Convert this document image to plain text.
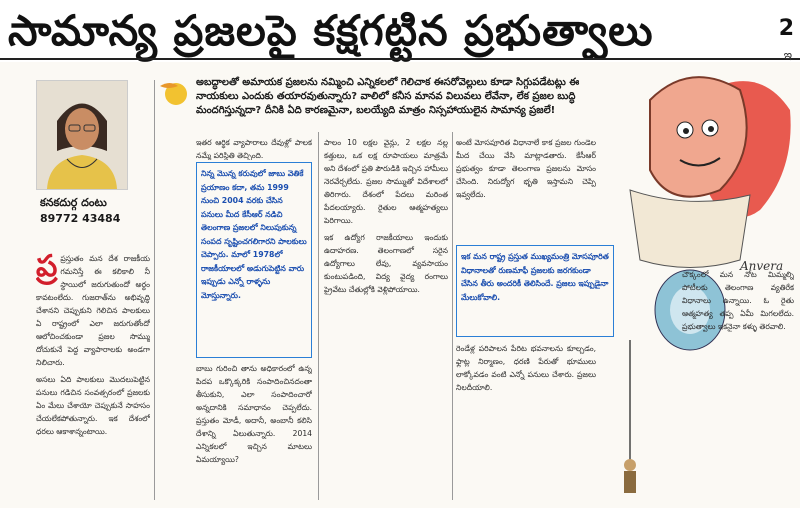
సామాన్య ప్రజలపై కక్షగట్టిన ప్రభుత్వాలు	2
ఇ
కనకదుర్గ దంటు
89772 43484
అబద్ధాలతో అమాయక ప్రజలను నమ్మించి ఎన్నికలలో గెలిచాక ఈసరోవెల్లులు కూడా సిగ్గుపడేటట్లు ఈ నాయకులు ఎందుకు తయారవుతున్నారు? వాలిలో కనీస మానవ విలువలు లేవేనా, లేక ప్రజల బుద్ధి మందగిస్తున్నదా? దీనికి ఏది కారణమైనా, బలయ్యేది మాత్రం నిస్సహాయులైన సామాన్య ప్రజలే!

ప్ర ప్రస్తుతం మన దేశ రాజకీయ గమనిస్తే ఈ కలికాలి నీ స్థాయిలో జరుగుతుందో అర్థం కావటంలేదు. గుజరాత్‌ను అభివృద్ధి చేశానని చెప్పుకుని గెలిచిన పాలకులు ఏ రాష్ట్రంలో ఎలా జరుగుతోందో ఆలోచించకుండా ప్రజల సొమ్ము దోచుకునే పెద్ద వ్యాపారాలకు అండగా నిలిచారు.

అసలు ఏది పాలకులు మొదలుపెట్టిన పనులు గడిచిన సంవత్సరంలో ప్రజలకు ఏం మేలు చేశాయో చెప్పుకునే సాహసం చేయలేకపోతున్నారు. ఇక దేశంలో ధరలు ఆకాశాన్నంటాయి.

ఇతర ఆర్థిక వ్యాపారాలు దేవుళ్లో పాలక నమ్మే పరిస్థితి తెచ్చింది.

నిన్న మొన్న కరువులో జాబు వెతికే ప్రయాణం కదా, తమ 1999 నుంచి 2004 వరకు చేసిన పనులు మీద కేసీఆర్ నడిచి తెలంగాణ ప్రజలలో నిలుపుకున్న సంపద సృష్టించగలిగారని పాలకులు చెప్పారు. మాలో 1978లో రాజకీయాలలో అడుగుపెట్టిన వారు ఇప్పుడు ఎన్నో రాళ్ళను మోస్తున్నారు.

బాబు గురించి తాను అధికారంలో ఉన్న పిదప ఒక్కొక్కరికి సంపాదించినదంతా తీసుకుని, ఎలా సంపాదించారో అన్నదానికి సమాధానం చెప్పలేదు. ప్రస్తుతం మోడీ, అదానీ, అంబానీ కలిసి దేశాన్ని ఏలుతున్నారు. 2014 ఎన్నికలలో ఇచ్చిన మాటలు ఏమయ్యాయి?

పాలం 10 లక్షల వైన్లు, 2 లక్షల నల్ల కత్తులు, ఒక లక్ష రూపాయలు మాత్రమే అని దేశంలో ప్రతి పౌరుడికి ఇచ్చిన హామీలు నెరవేర్చలేదు. ప్రజల సొమ్ముతో విదేశాలలో తిరిగారు. దేశంలో పేదలు మరింత పేదలయ్యారు. రైతుల ఆత్మహత్యలు పెరిగాయి.

ఇక ఉద్యోగ రాజకీయాలు ఇందుకు ఉదాహరణ. తెలంగాణలో సరైన ఉద్యోగాలు లేవు, వ్యవసాయం కుంటుపడింది, విద్య వైద్య రంగాలు ప్రైవేటు చేతుల్లోకి వెళ్లిపోయాయి.

అంటే మోసపూరిత విధానాలే కాక ప్రజల గుండెల మీద చేయి వేసి మాట్లాడతారు. కేసీఆర్ ప్రభుత్వం కూడా తెలంగాణ ప్రజలను మోసం చేసింది. నిరుద్యోగ భృతి ఇస్తామని చెప్పి ఇవ్వలేదు.

ఇక మన రాష్ట్ర ప్రస్తుత ముఖ్యమంత్రి మోసపూరిత విధానాలతో రుణమాఫీ ప్రజలకు జరగకుండా చేసిన తీరు అందరికీ తెలిసిందే. ప్రజలు ఇప్పుడైనా మేలుకోవాలి.

రెండేళ్ల పరిపాలన పేరిట భవనాలను కూల్చడం, ఫ్లాట్ల నిర్మాణం, ధరణి పేరుతో భూములు లాక్కోవడం వంటి ఎన్నో పనులు చేశారు. ప్రజలు నిలదీయాలి.

Anvera

చౌక్కంలో మన నోట మిమ్మల్ని పోటీలకు తెలంగాణ వ్యతిరేక విధానాలు ఉన్నాయి. ఓ రైతు ఆత్మహత్య తప్ప ఏమీ మిగలలేదు. ప్రభుత్వాలు ఇకనైనా కళ్ళు తెరవాలి.
